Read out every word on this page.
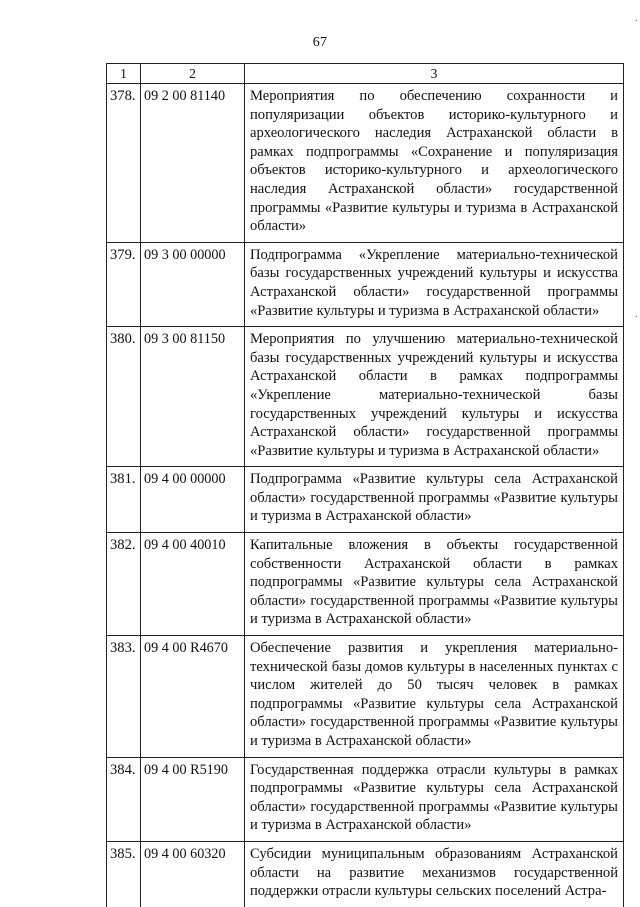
67
·
·
1	2	3
378.	09 2 00 81140	Мероприятия по обеспечению сохранности и популяризации объектов историко-культурного и археологического наследия Астраханской области в рамках подпрограммы «Сохранение и популяризация объектов историко-культурного и археологического наследия Астраханской области» государственной программы «Развитие культуры и туризма в Астраханской области»
379.	09 3 00 00000	Подпрограмма «Укрепление материально-технической базы государственных учреждений культуры и искусства Астраханской области» государственной программы «Развитие культуры и туризма в Астраханской области»
380.	09 3 00 81150	Мероприятия по улучшению материально-технической базы государственных учреждений культуры и искусства Астраханской области в рамках подпрограммы «Укрепление материально-технической базы государственных учреждений культуры и искусства Астраханской области» государственной программы «Развитие культуры и туризма в Астраханской области»
381.	09 4 00 00000	Подпрограмма «Развитие культуры села Астраханской области» государственной программы «Развитие культуры и туризма в Астраханской области»
382.	09 4 00 40010	Капитальные вложения в объекты государственной собственности Астраханской области в рамках подпрограммы «Развитие культуры села Астраханской области» государственной программы «Развитие культуры и туризма в Астраханской области»
383.	09 4 00 R4670	Обеспечение развития и укрепления материально-технической базы домов культуры в населенных пунктах с числом жителей до 50 тысяч человек в рамках подпрограммы «Развитие культуры села Астраханской области» государственной программы «Развитие культуры и туризма в Астраханской области»
384.	09 4 00 R5190	Государственная поддержка отрасли культуры в рамках подпрограммы «Развитие культуры села Астраханской области» государственной программы «Развитие культуры и туризма в Астраханской области»
385.	09 4 00 60320	Субсидии муниципальным образованиям Астраханской области на развитие механизмов государственной поддержки отрасли культуры сельских поселений Астра-
